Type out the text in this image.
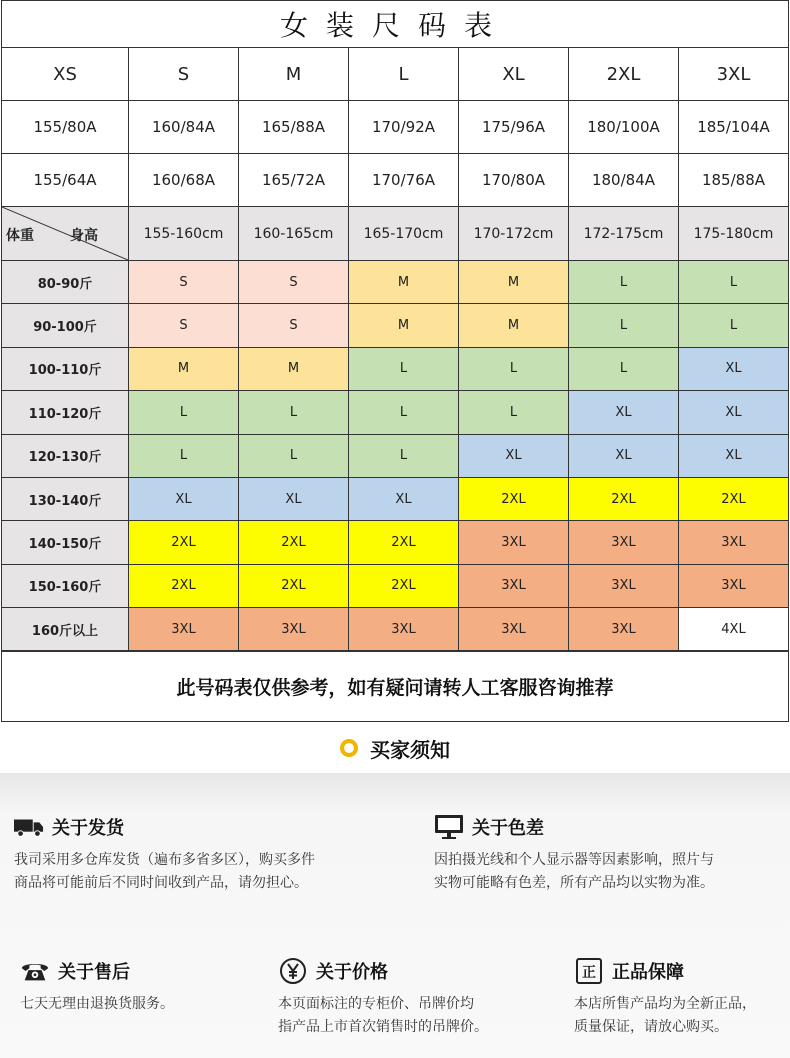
女装尺码表
XS	S	M	L	XL	2XL	3XL
155/80A	160/84A	165/88A	170/92A	175/96A	180/100A	185/104A
155/64A	160/68A	165/72A	170/76A	170/80A	180/84A	185/88A
体重	身高	155-160cm	160-165cm	165-170cm	170-172cm	172-175cm	175-180cm
80-90斤	S	S	M	M	L	L
90-100斤	S	S	M	M	L	L
100-110斤	M	M	L	L	L	XL
110-120斤	L	L	L	L	XL	XL
120-130斤	L	L	L	XL	XL	XL
130-140斤	XL	XL	XL	2XL	2XL	2XL
140-150斤	2XL	2XL	2XL	3XL	3XL	3XL
150-160斤	2XL	2XL	2XL	3XL	3XL	3XL
160斤以上	3XL	3XL	3XL	3XL	3XL	4XL
此号码表仅供参考，如有疑问请转人工客服咨询推荐
买家须知
关于发货
我司采用多仓库发货（遍布多省多区），购买多件
商品将可能前后不同时间收到产品，请勿担心。
关于色差
因拍摄光线和个人显示器等因素影响，照片与
实物可能略有色差，所有产品均以实物为准。
关于售后
七天无理由退换货服务。
关于价格
本页面标注的专柜价、吊牌价均
指产品上市首次销售时的吊牌价。
正 正品保障
本店所售产品均为全新正品，
质量保证，请放心购买。
